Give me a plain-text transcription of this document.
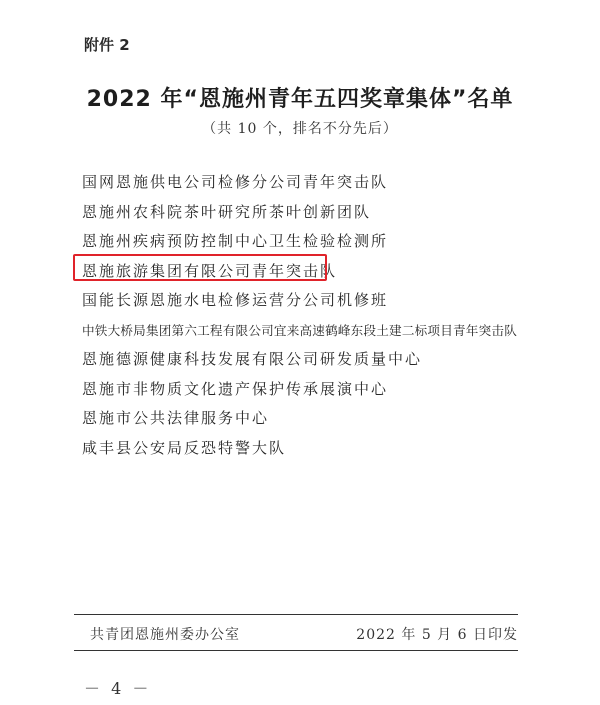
附件 2
2022 年“恩施州青年五四奖章集体”名单
（共 10 个，排名不分先后）
国网恩施供电公司检修分公司青年突击队
恩施州农科院茶叶研究所茶叶创新团队
恩施州疾病预防控制中心卫生检验检测所
恩施旅游集团有限公司青年突击队
国能长源恩施水电检修运营分公司机修班
中铁大桥局集团第六工程有限公司宜来高速鹤峰东段土建二标项目青年突击队
恩施德源健康科技发展有限公司研发质量中心
恩施市非物质文化遗产保护传承展演中心
恩施市公共法律服务中心
咸丰县公安局反恐特警大队
共青团恩施州委办公室	2022 年 5 月 6 日印发
－ 4 －
